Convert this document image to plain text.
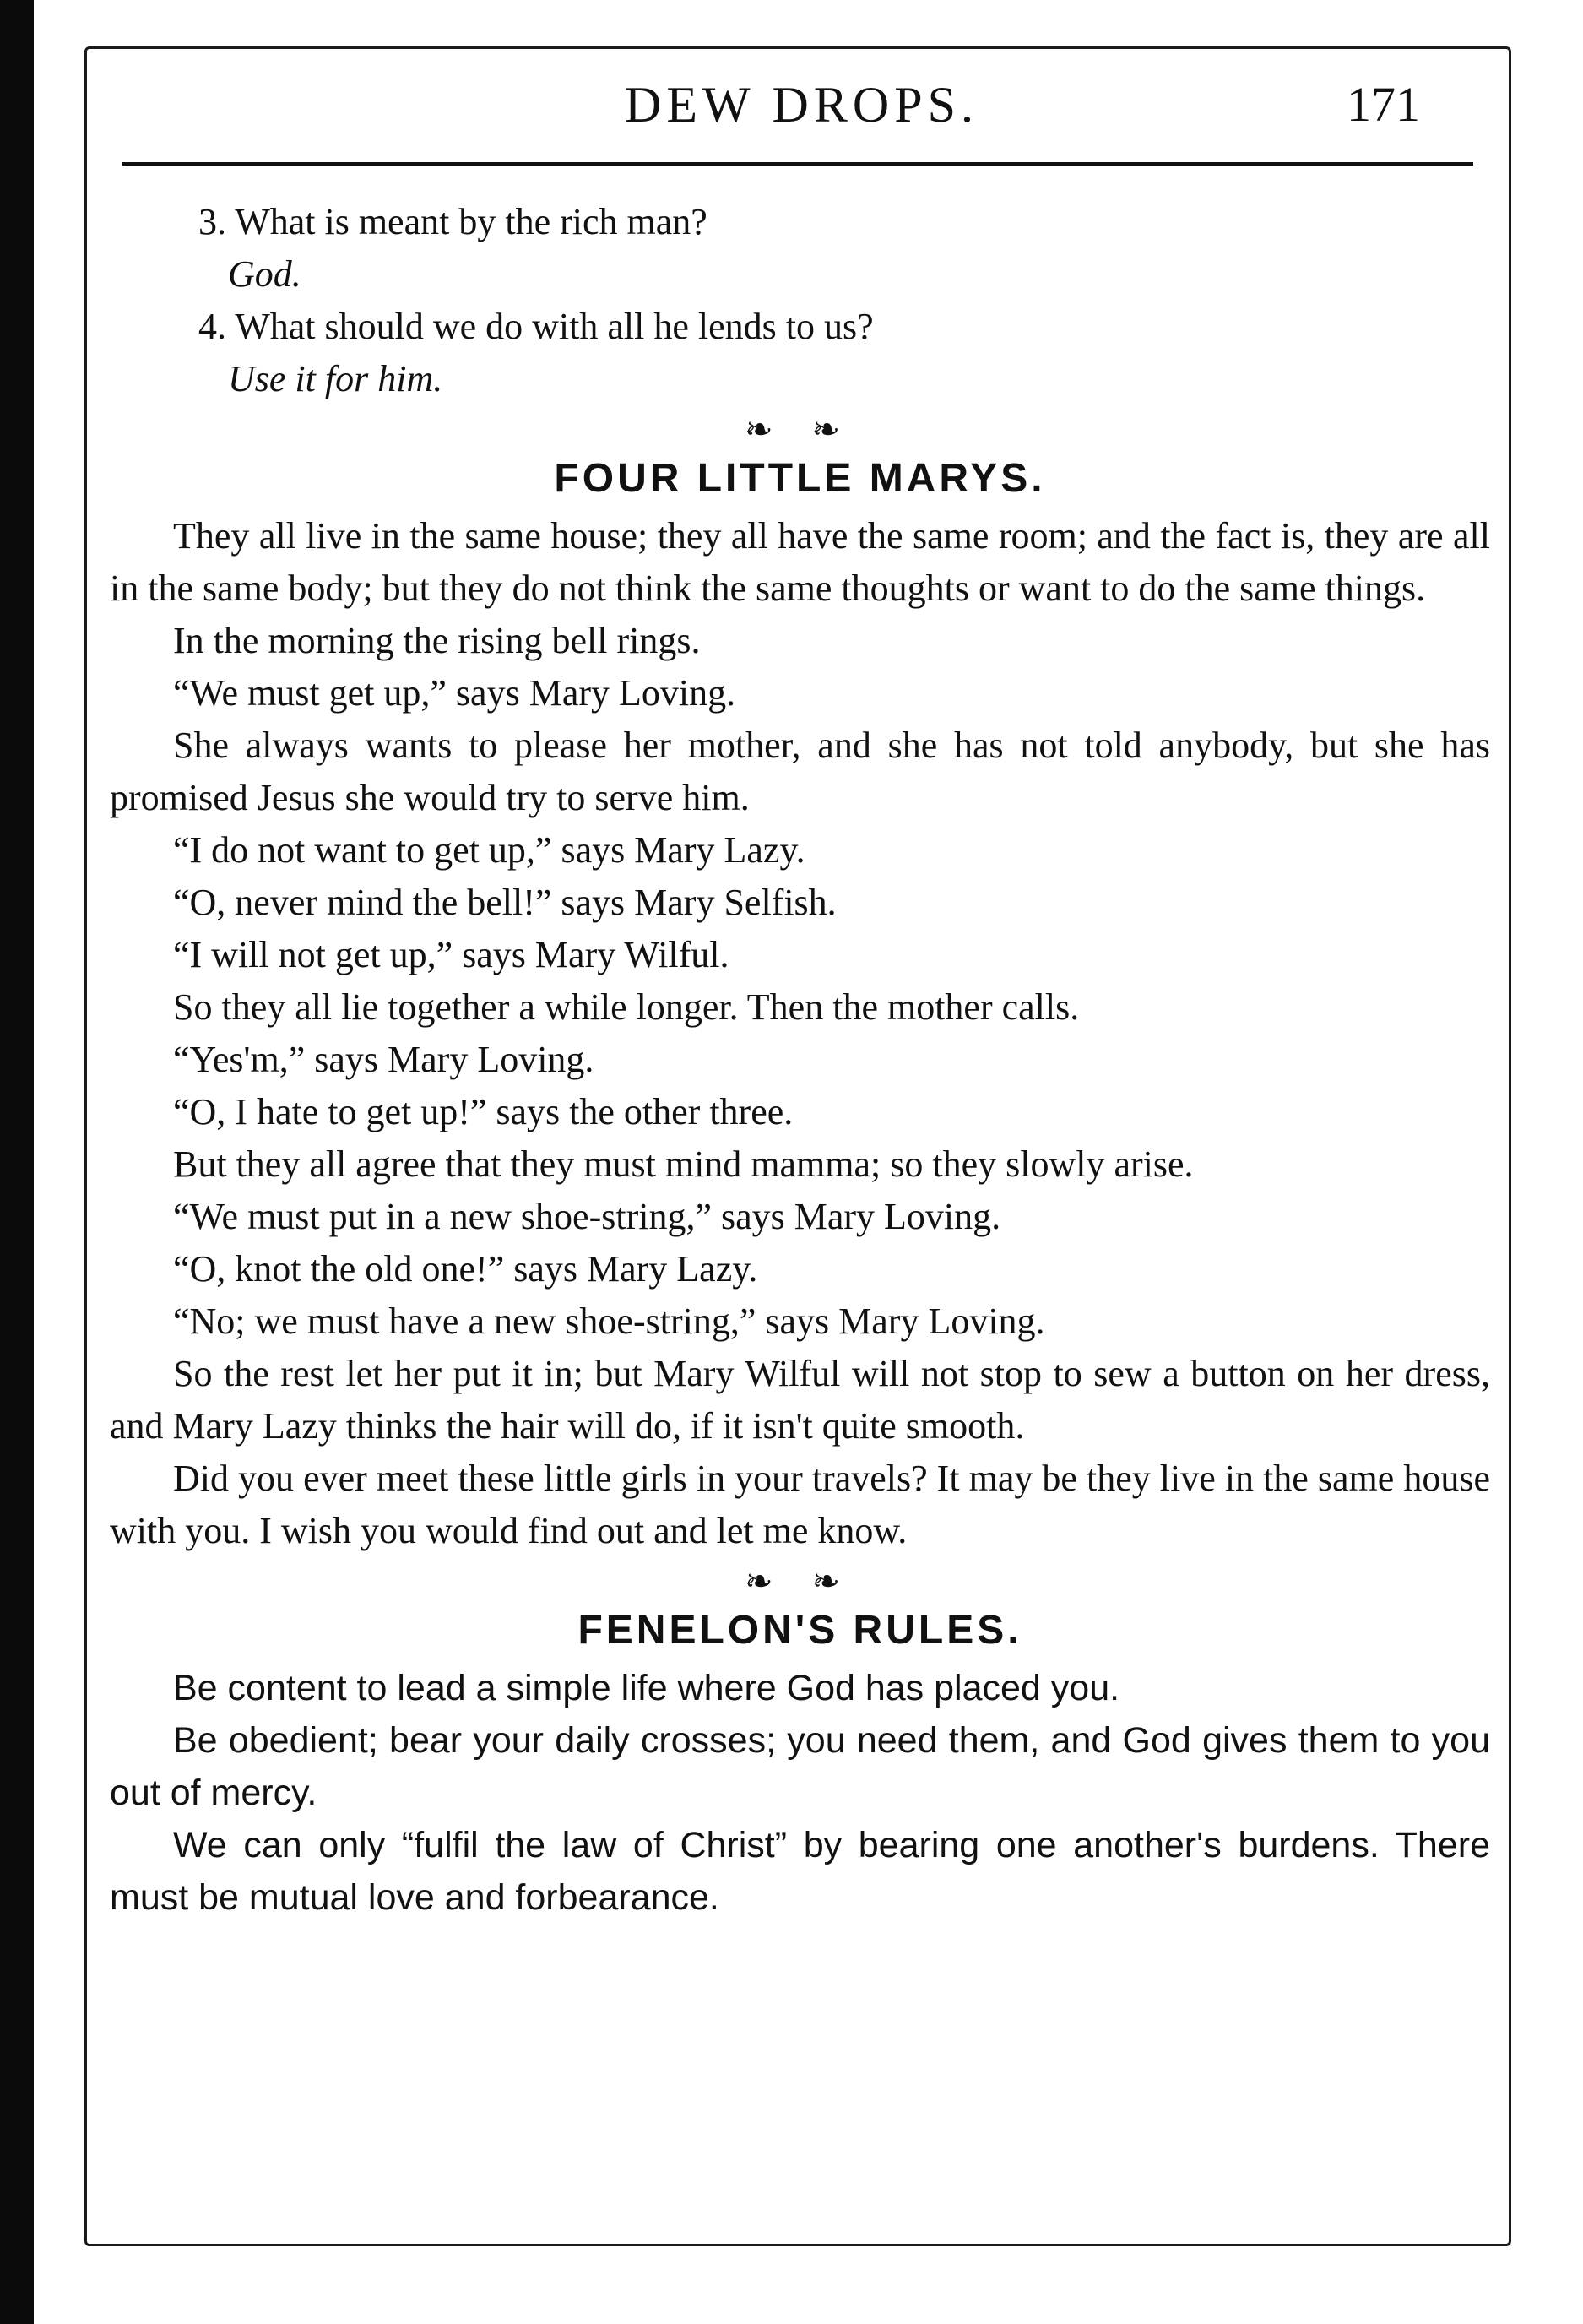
DEW DROPS.	171

3. What is meant by the rich man?

God.

4. What should we do with all he lends to us?

Use it for him.

❧ ❧
FOUR LITTLE MARYS.

They all live in the same house; they all have the same room; and the fact is, they are all in the same body; but they do not think the same thoughts or want to do the same things.

In the morning the rising bell rings.

“We must get up,” says Mary Loving.

She always wants to please her mother, and she has not told anybody, but she has promised Jesus she would try to serve him.

“I do not want to get up,” says Mary Lazy.

“O, never mind the bell!” says Mary Selfish.

“I will not get up,” says Mary Wilful.

So they all lie together a while longer. Then the mother calls.

“Yes'm,” says Mary Loving.

“O, I hate to get up!” says the other three.

But they all agree that they must mind mamma; so they slowly arise.

“We must put in a new shoe-string,” says Mary Loving.

“O, knot the old one!” says Mary Lazy.

“No; we must have a new shoe-string,” says Mary Loving.

So the rest let her put it in; but Mary Wilful will not stop to sew a button on her dress, and Mary Lazy thinks the hair will do, if it isn't quite smooth.

Did you ever meet these little girls in your travels? It may be they live in the same house with you. I wish you would find out and let me know.

❧ ❧
FENELON'S RULES.

Be content to lead a simple life where God has placed you.

Be obedient; bear your daily crosses; you need them, and God gives them to you out of mercy.

We can only “fulfil the law of Christ” by bearing one another's burdens. There must be mutual love and forbearance.
